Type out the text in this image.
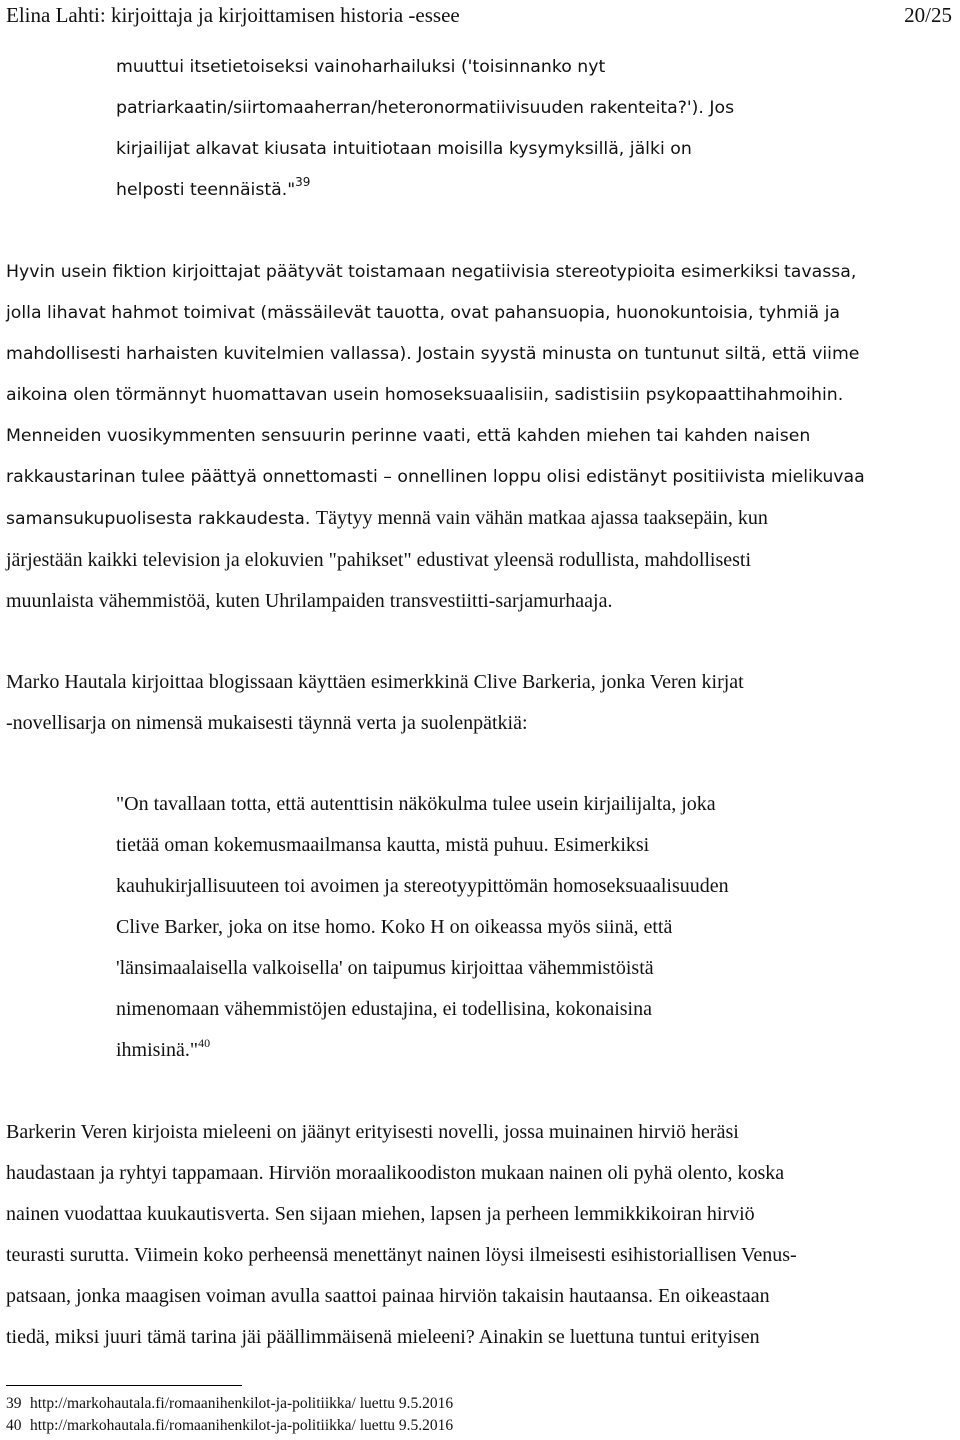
Elina Lahti: kirjoittaja ja kirjoittamisen historia -essee	20/25
muuttui itsetietoiseksi vainoharhailuksi ('toisinnanko nyt
patriarkaatin/siirtomaaherran/heteronormatiivisuuden rakenteita?'). Jos
kirjailijat alkavat kiusata intuitiotaan moisilla kysymyksillä, jälki on
helposti teennäistä."$^{39}$
Hyvin usein fiktion kirjoittajat päätyvät toistamaan negatiivisia stereotypioita esimerkiksi tavassa,
jolla lihavat hahmot toimivat (mässäilevät tauotta, ovat pahansuopia, huonokuntoisia, tyhmiä ja
mahdollisesti harhaisten kuvitelmien vallassa). Jostain syystä minusta on tuntunut siltä, että viime
aikoina olen törmännyt huomattavan usein homoseksuaalisiin, sadistisiin psykopaattihahmoihin.
Menneiden vuosikymmenten sensuurin perinne vaati, että kahden miehen tai kahden naisen
rakkaustarinan tulee päättyä onnettomasti – onnellinen loppu olisi edistänyt positiivista mielikuvaa
samansukupuolisesta rakkaudesta. Täytyy mennä vain vähän matkaa ajassa taaksepäin, kun
järjestään kaikki television ja elokuvien "pahikset" edustivat yleensä rodullista, mahdollisesti
muunlaista vähemmistöä, kuten Uhrilampaiden transvestiitti-sarjamurhaaja.
Marko Hautala kirjoittaa blogissaan käyttäen esimerkkinä Clive Barkeria, jonka Veren kirjat
-novellisarja on nimensä mukaisesti täynnä verta ja suolenpätkiä:
"On tavallaan totta, että autenttisin näkökulma tulee usein kirjailijalta, joka
tietää oman kokemusmaailmansa kautta, mistä puhuu. Esimerkiksi
kauhukirjallisuuteen toi avoimen ja stereotyypittömän homoseksuaalisuuden
Clive Barker, joka on itse homo. Koko H on oikeassa myös siinä, että
'länsimaalaisella valkoisella' on taipumus kirjoittaa vähemmistöistä
nimenomaan vähemmistöjen edustajina, ei todellisina, kokonaisina
ihmisinä."$^{40}$
Barkerin Veren kirjoista mieleeni on jäänyt erityisesti novelli, jossa muinainen hirviö heräsi
haudastaan ja ryhtyi tappamaan. Hirviön moraalikoodiston mukaan nainen oli pyhä olento, koska
nainen vuodattaa kuukautisverta. Sen sijaan miehen, lapsen ja perheen lemmikkikoiran hirviö
teurasti surutta. Viimein koko perheensä menettänyt nainen löysi ilmeisesti esihistoriallisen Venus-
patsaan, jonka maagisen voiman avulla saattoi painaa hirviön takaisin hautaansa. En oikeastaan
tiedä, miksi juuri tämä tarina jäi päällimmäisenä mieleeni? Ainakin se luettuna tuntui erityisen
39 http://markohautala.fi/romaanihenkilot-ja-politiikka/ luettu 9.5.2016
40 http://markohautala.fi/romaanihenkilot-ja-politiikka/ luettu 9.5.2016
